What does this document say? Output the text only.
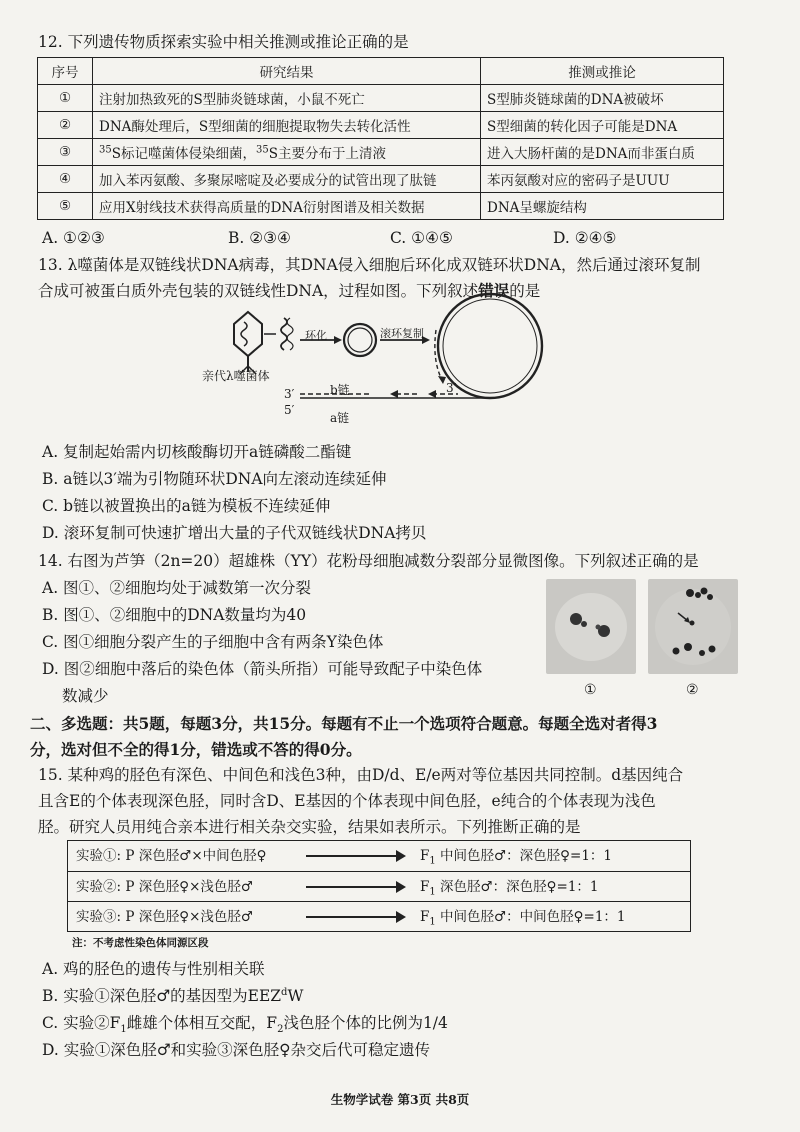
12. 下列遗传物质探索实验中相关推测或推论正确的是
序号	研究结果	推测或推论
①	注射加热致死的S型肺炎链球菌，小鼠不死亡	S型肺炎链球菌的DNA被破坏
②	DNA酶处理后，S型细菌的细胞提取物失去转化活性	S型细菌的转化因子可能是DNA
③	$^{35}$S标记噬菌体侵染细菌，$^{35}$S主要分布于上清液	进入大肠杆菌的是DNA而非蛋白质
④	加入苯丙氨酸、多聚尿嘧啶及必要成分的试管出现了肽链	苯丙氨酸对应的密码子是UUU
⑤	应用X射线技术获得高质量的DNA衍射图谱及相关数据	DNA呈螺旋结构
A. ①②③	B. ②③④	C. ①④⑤	D. ②④⑤
13. λ噬菌体是双链线状DNA病毒，其DNA侵入细胞后环化成双链环状DNA，然后通过滚环复制
合成可被蛋白质外壳包装的双链线性DNA，过程如图。下列叙述错误的是
亲代λ噬菌体
环化	滚环复制
b链
a链
3′
5′
3′
A. 复制起始需内切核酸酶切开a链磷酸二酯键
B. a链以3′端为引物随环状DNA向左滚动连续延伸
C. b链以被置换出的a链为模板不连续延伸
D. 滚环复制可快速扩增出大量的子代双链线状DNA拷贝
14. 右图为芦笋（2n=20）超雄株（YY）花粉母细胞减数分裂部分显微图像。下列叙述正确的是
A. 图①、②细胞均处于减数第一次分裂
B. 图①、②细胞中的DNA数量均为40
C. 图①细胞分裂产生的子细胞中含有两条Y染色体
D. 图②细胞中落后的染色体（箭头所指）可能导致配子中染色体
数减少	①	②
二、多选题：共5题，每题3分，共15分。每题有不止一个选项符合题意。每题全选对者得3
分，选对但不全的得1分，错选或不答的得0分。
15. 某种鸡的胫色有深色、中间色和浅色3种，由D/d、E/e两对等位基因共同控制。d基因纯合
且含E的个体表现深色胫，同时含D、E基因的个体表现中间色胫，e纯合的个体表现为浅色
胫。研究人员用纯合亲本进行相关杂交实验，结果如表所示。下列推断正确的是
实验①: P 深色胫♂×中间色胫♀	$F_1$ 中间色胫♂：深色胫♀=1：1
实验②: P 深色胫♀×浅色胫♂	$F_1$ 深色胫♂：深色胫♀=1：1
实验③: P 深色胫♀×浅色胫♂	$F_1$ 中间色胫♂：中间色胫♀=1：1
注：不考虑性染色体同源区段
A. 鸡的胫色的遗传与性别相关联
B. 实验①深色胫♂的基因型为EEZ$^d$W
C. 实验$②F_1$雌雄个体相互交配，$F_2$浅色胫个体的比例为1/4
D. 实验①深色胫♂和实验③深色胫♀杂交后代可稳定遗传
生物学试卷 第3页 共8页
